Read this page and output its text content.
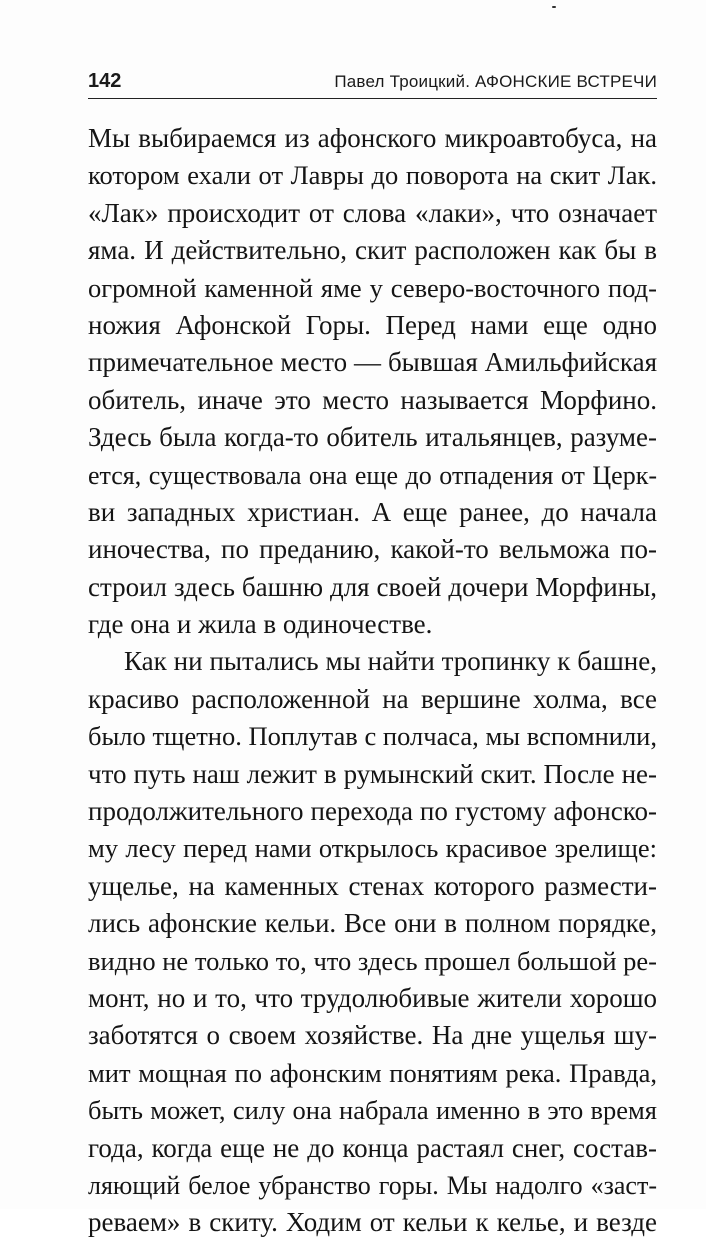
142	Павел Троицкий. АФОНСКИЕ ВСТРЕЧИ
Мы выбираемся из афонского микроавтобуса, на
котором ехали от Лавры до поворота на скит Лак.
«Лак» происходит от слова «лаки», что означает
яма. И действительно, скит расположен как бы в
огромной каменной яме у северо-восточного под-
ножия Афонской Горы. Перед нами еще одно
примечательное место — бывшая Амильфийская
обитель, иначе это место называется Морфино.
Здесь была когда-то обитель итальянцев, разуме-
ется, существовала она еще до отпадения от Церк-
ви западных христиан. А еще ранее, до начала
иночества, по преданию, какой-то вельможа по-
строил здесь башню для своей дочери Морфины,
где она и жила в одиночестве.
Как ни пытались мы найти тропинку к башне,
красиво расположенной на вершине холма, все
было тщетно. Поплутав с полчаса, мы вспомнили,
что путь наш лежит в румынский скит. После не-
продолжительного перехода по густому афонско-
му лесу перед нами открылось красивое зрелище:
ущелье, на каменных стенах которого размести-
лись афонские кельи. Все они в полном порядке,
видно не только то, что здесь прошел большой ре-
монт, но и то, что трудолюбивые жители хорошо
заботятся о своем хозяйстве. На дне ущелья шу-
мит мощная по афонским понятиям река. Правда,
быть может, силу она набрала именно в это время
года, когда еще не до конца растаял снег, состав-
ляющий белое убранство горы. Мы надолго «заст-
реваем» в скиту. Ходим от кельи к келье, и везде
